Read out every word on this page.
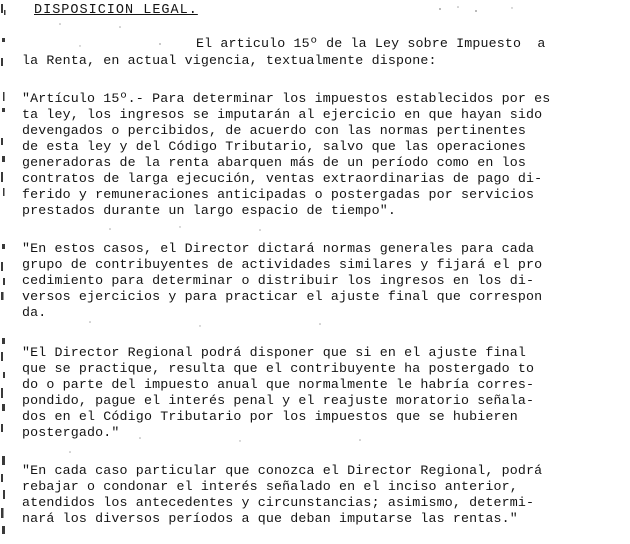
DISPOSICION LEGAL.
El articulo 15º de la Ley sobre Impuesto  a
la Renta, en actual vigencia, textualmente dispone:
"Artículo 15º.- Para determinar los impuestos establecidos por es
ta ley, los ingresos se imputarán al ejercicio en que hayan sido
devengados o percibidos, de acuerdo con las normas pertinentes
de esta ley y del Código Tributario, salvo que las operaciones
generadoras de la renta abarquen más de un período como en los
contratos de larga ejecución, ventas extraordinarias de pago di-
ferido y remuneraciones anticipadas o postergadas por servicios
prestados durante un largo espacio de tiempo".
"En estos casos, el Director dictará normas generales para cada
grupo de contribuyentes de actividades similares y fijará el pro
cedimiento para determinar o distribuir los ingresos en los di-
versos ejercicios y para practicar el ajuste final que correspon
da.
"El Director Regional podrá disponer que si en el ajuste final
que se practique, resulta que el contribuyente ha postergado to
do o parte del impuesto anual que normalmente le habría corres-
pondido, pague el interés penal y el reajuste moratorio señala-
dos en el Código Tributario por los impuestos que se hubieren
postergado."
"En cada caso particular que conozca el Director Regional, podrá
rebajar o condonar el interés señalado en el inciso anterior,
atendidos los antecedentes y circunstancias; asimismo, determi-
nará los diversos períodos a que deban imputarse las rentas."
